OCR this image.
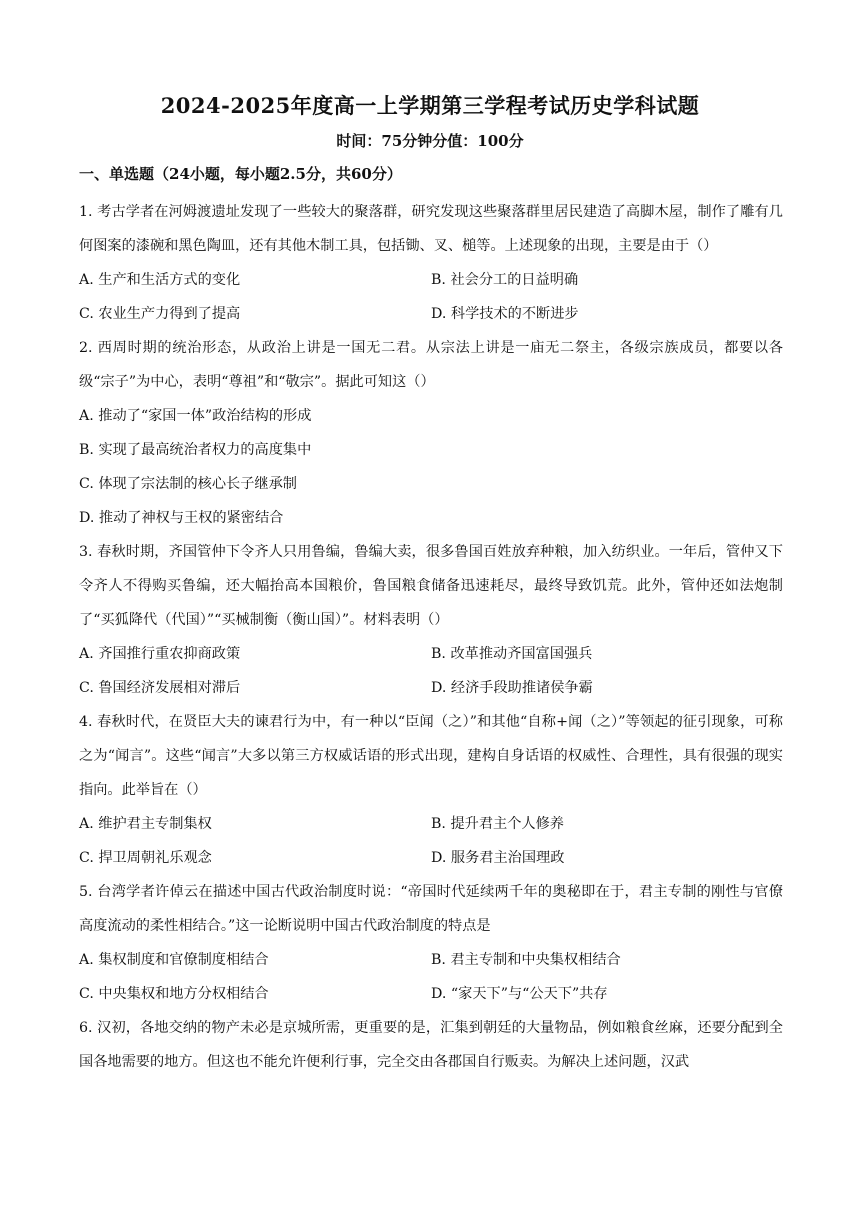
2024-2025年度高一上学期第三学程考试历史学科试题
时间：75分钟分值：100分
一、单选题（24小题，每小题2.5分，共60分）

1. 考古学者在河姆渡遗址发现了一些较大的聚落群，研究发现这些聚落群里居民建造了高脚木屋，制作了雕有几何图案的漆碗和黑色陶皿，还有其他木制工具，包括锄、叉、槌等。上述现象的出现，主要是由于（）

A. 生产和生活方式的变化	B. 社会分工的日益明确
C. 农业生产力得到了提高	D. 科学技术的不断进步

2. 西周时期的统治形态，从政治上讲是一国无二君。从宗法上讲是一庙无二祭主，各级宗族成员，都要以各级“宗子”为中心，表明“尊祖”和“敬宗”。据此可知这（）

A. 推动了“家国一体”政治结构的形成
B. 实现了最高统治者权力的高度集中
C. 体现了宗法制的核心长子继承制
D. 推动了神权与王权的紧密结合

3. 春秋时期，齐国管仲下令齐人只用鲁编，鲁编大卖，很多鲁国百姓放弃种粮，加入纺织业。一年后，管仲又下令齐人不得购买鲁编，还大幅抬高本国粮价，鲁国粮食储备迅速耗尽，最终导致饥荒。此外，管仲还如法炮制了“买狐降代（代国）”“买械制衡（衡山国）”。材料表明（）

A. 齐国推行重农抑商政策	B. 改革推动齐国富国强兵
C. 鲁国经济发展相对滞后	D. 经济手段助推诸侯争霸

4. 春秋时代，在贤臣大夫的谏君行为中，有一种以“臣闻（之）”和其他“自称+闻（之）”等领起的征引现象，可称之为“闻言”。这些“闻言”大多以第三方权威话语的形式出现，建构自身话语的权威性、合理性，具有很强的现实指向。此举旨在（）

A. 维护君主专制集权	B. 提升君主个人修养
C. 捍卫周朝礼乐观念	D. 服务君主治国理政

5. 台湾学者许倬云在描述中国古代政治制度时说：“帝国时代延续两千年的奥秘即在于，君主专制的刚性与官僚高度流动的柔性相结合。”这一论断说明中国古代政治制度的特点是

A. 集权制度和官僚制度相结合	B. 君主专制和中央集权相结合
C. 中央集权和地方分权相结合	D. “家天下”与“公天下”共存

6. 汉初，各地交纳的物产未必是京城所需，更重要的是，汇集到朝廷的大量物品，例如粮食丝麻，还要分配到全国各地需要的地方。但这也不能允许便利行事，完全交由各郡国自行贩卖。为解决上述问题，汉武
